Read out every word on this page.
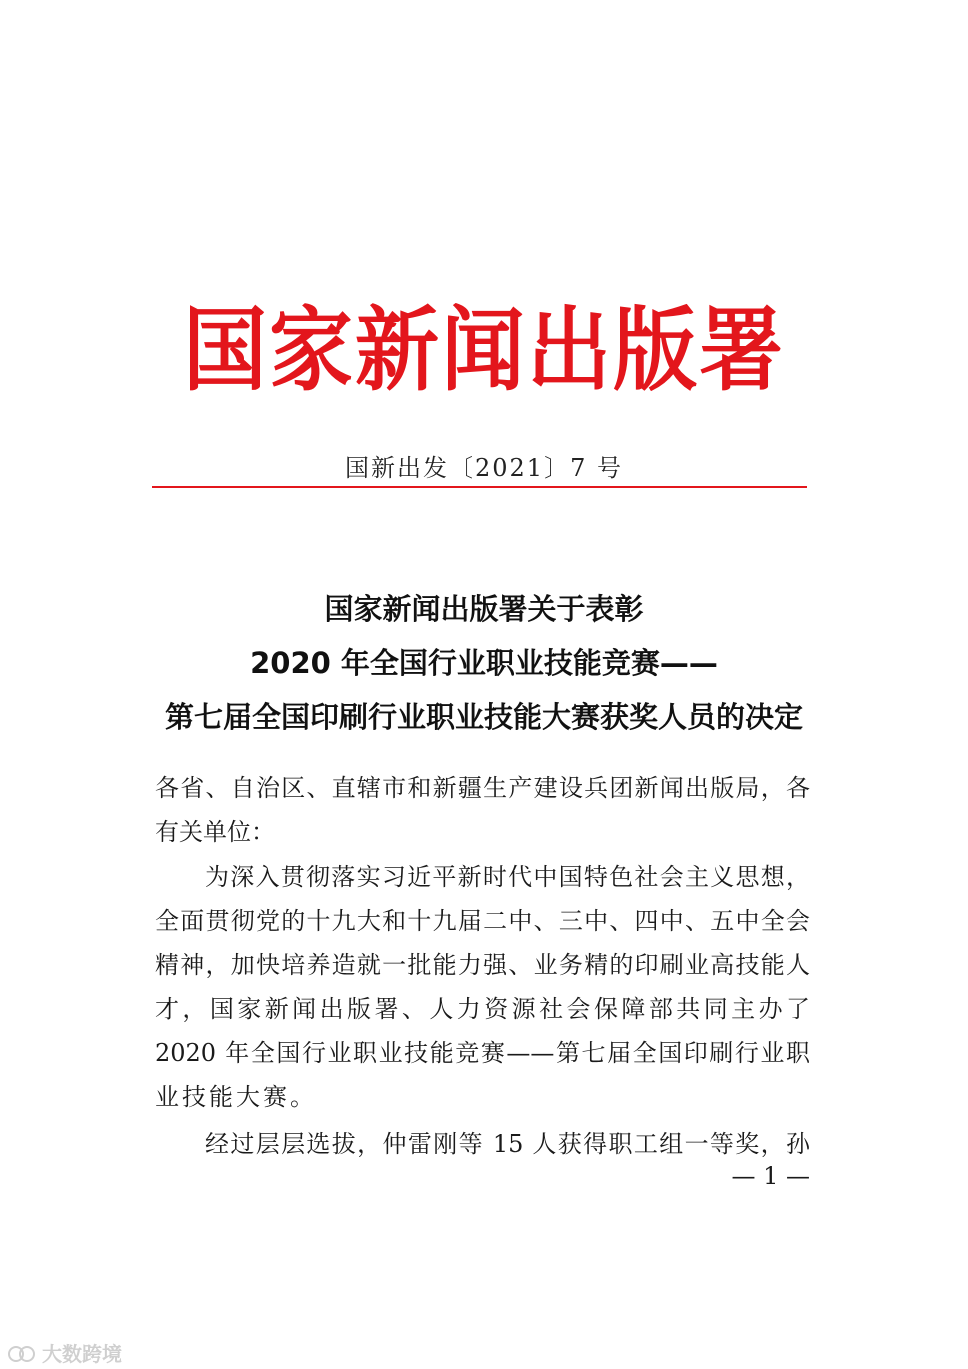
国家新闻出版署
国新出发〔2021〕7 号
国家新闻出版署关于表彰
2020 年全国行业职业技能竞赛——
第七届全国印刷行业职业技能大赛获奖人员的决定
各省、自治区、直辖市和新疆生产建设兵团新闻出版局，各
有关单位：
为深入贯彻落实习近平新时代中国特色社会主义思想，
全面贯彻党的十九大和十九届二中、三中、四中、五中全会
精神，加快培养造就一批能力强、业务精的印刷业高技能人
才，国家新闻出版署、人力资源社会保障部共同主办了
2020 年全国行业职业技能竞赛——第七届全国印刷行业职
业技能大赛。
经过层层选拔，仲雷刚等 15 人获得职工组一等奖，孙
— 1 —
大数跨境
